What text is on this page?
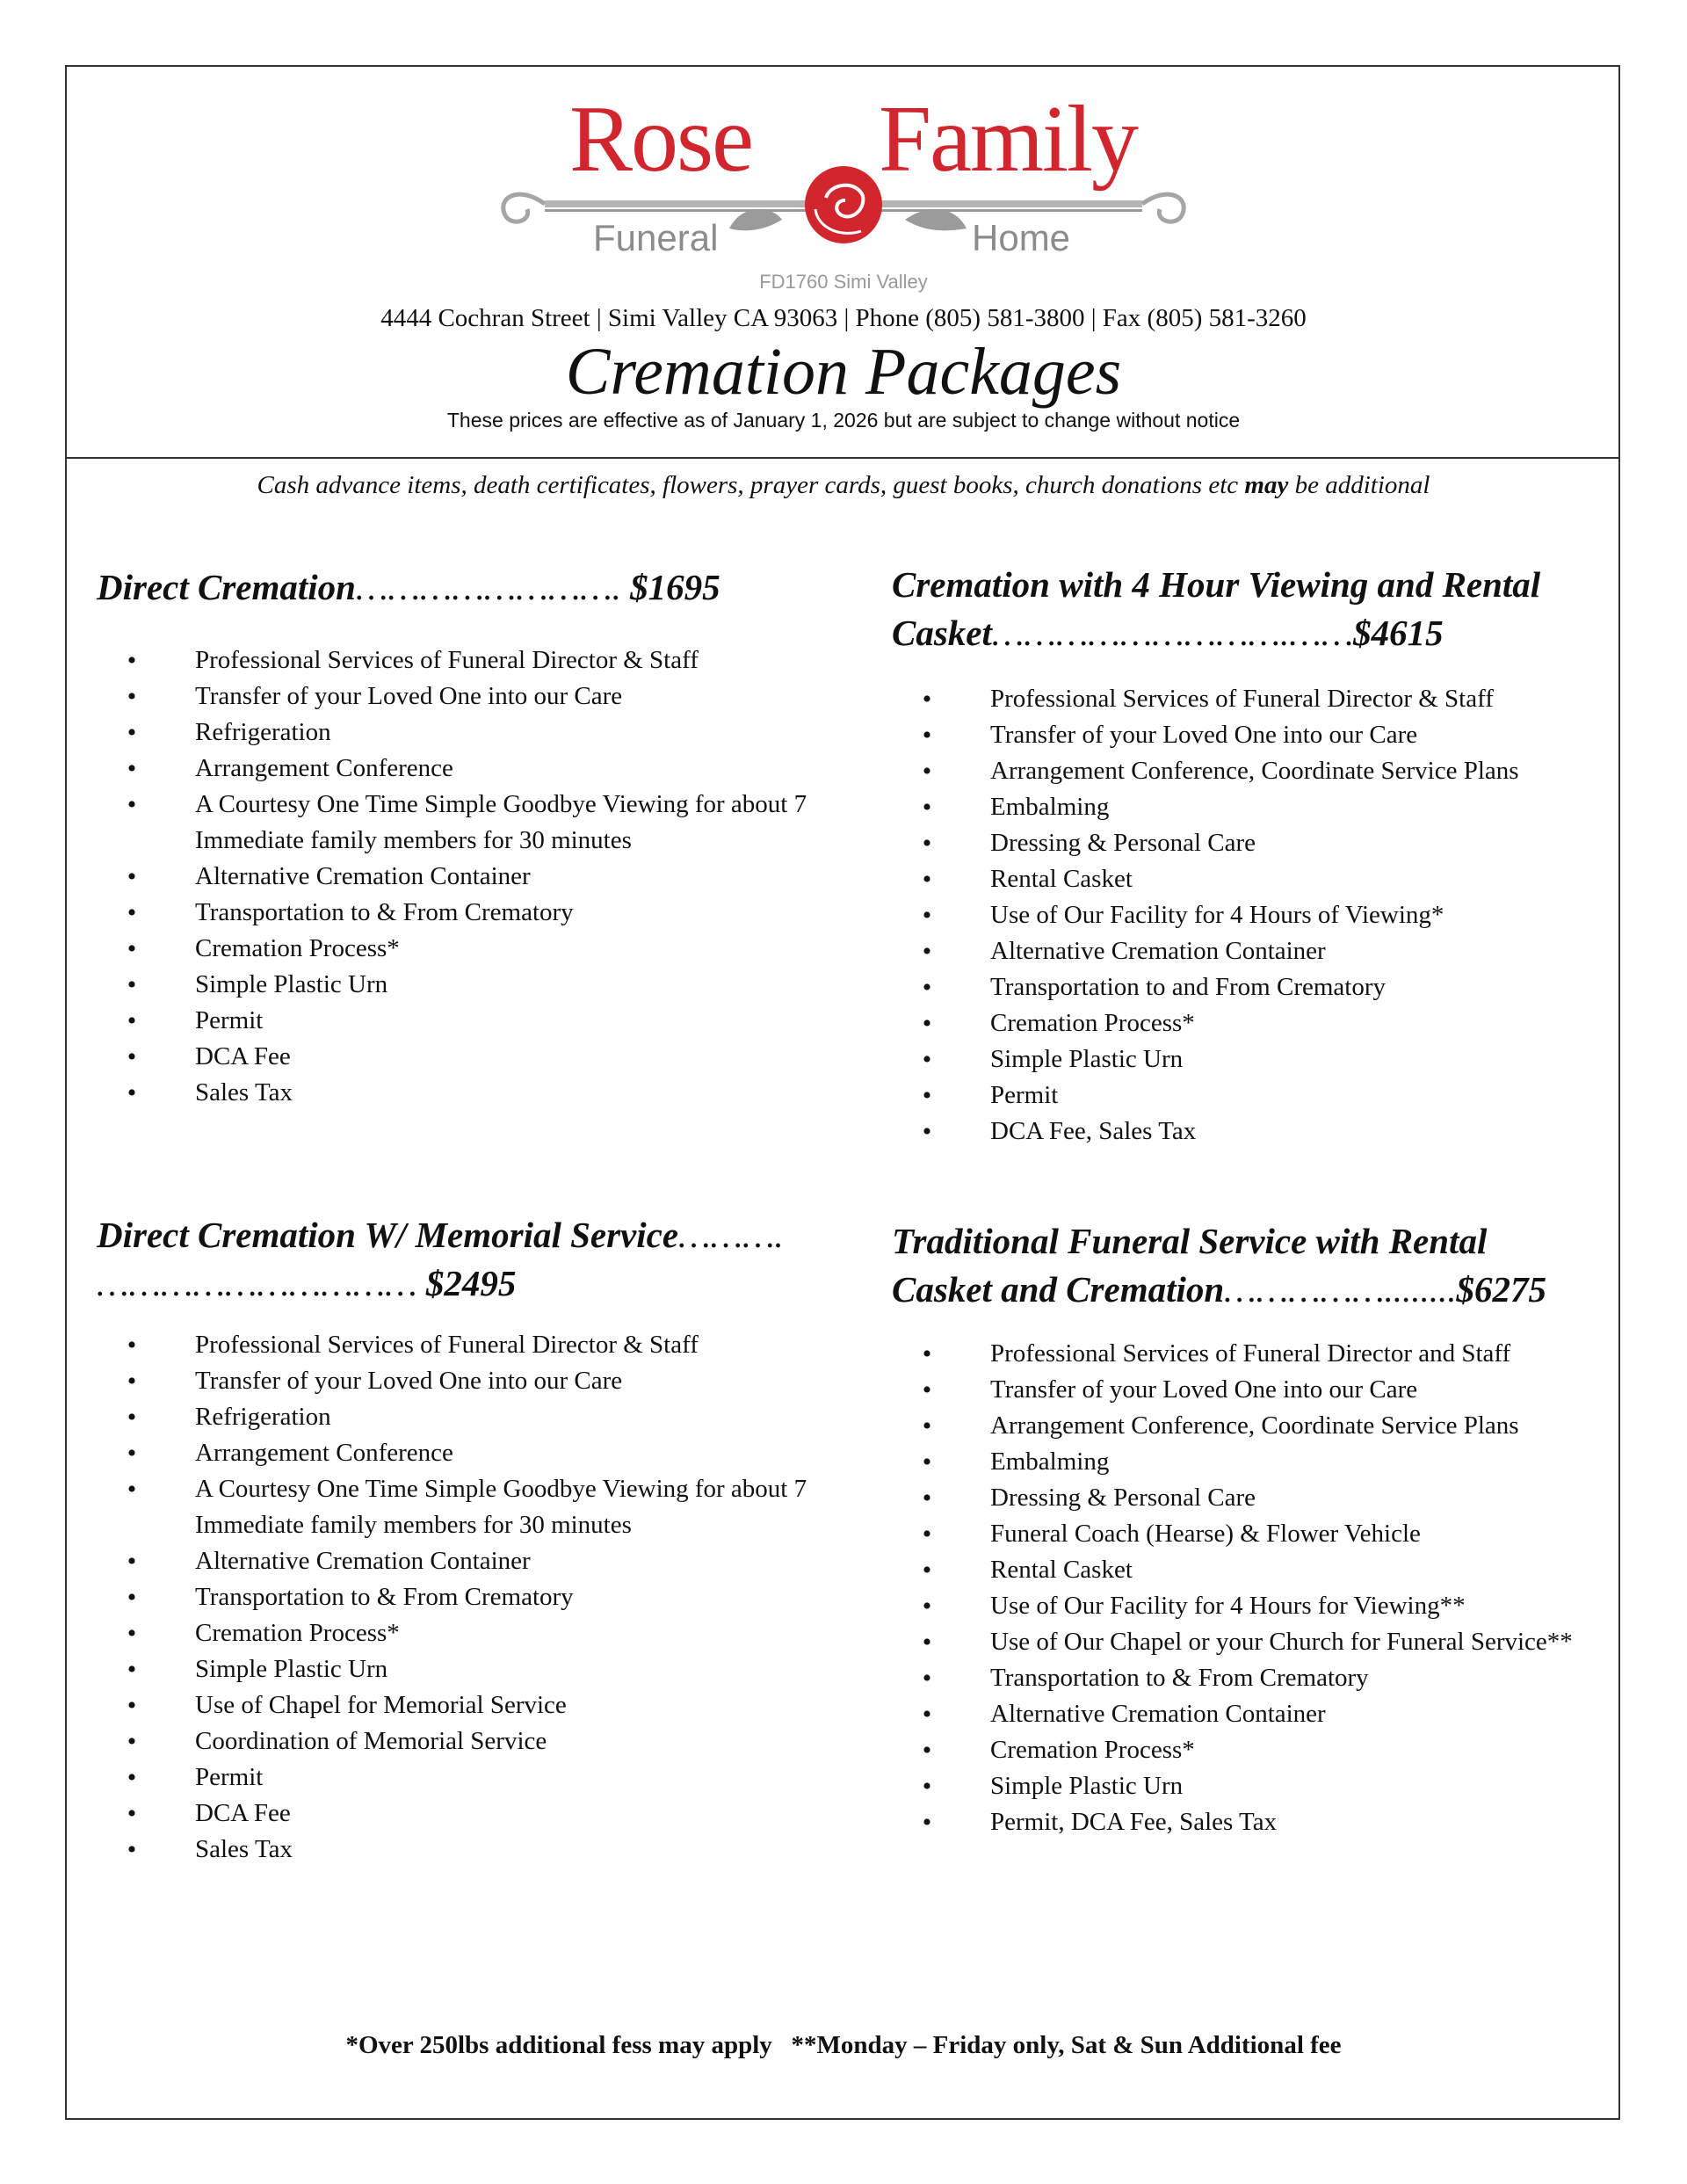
Rose Family
Funeral	Home
FD1760 Simi Valley
4444 Cochran Street | Simi Valley CA 93063 | Phone (805) 581-3800 | Fax (805) 581-3260
Cremation Packages
These prices are effective as of January 1, 2026 but are subject to change without notice
Cash advance items, death certificates, flowers, prayer cards, guest books, church donations etc may be additional
Direct Cremation……………………. $1695
• Professional Services of Funeral Director & Staff
• Transfer of your Loved One into our Care
• Refrigeration
• Arrangement Conference
• A Courtesy One Time Simple Goodbye Viewing for about 7 Immediate family members for 30 minutes
• Alternative Cremation Container
• Transportation to & From Crematory
• Cremation Process*
• Simple Plastic Urn
• Permit
• DCA Fee
• Sales Tax
Cremation with 4 Hour Viewing and Rental Casket……………………….……$4615
• Professional Services of Funeral Director & Staff
• Transfer of your Loved One into our Care
• Arrangement Conference, Coordinate Service Plans
• Embalming
• Dressing & Personal Care
• Rental Casket
• Use of Our Facility for 4 Hours of Viewing*
• Alternative Cremation Container
• Transportation to and From Crematory
• Cremation Process*
• Simple Plastic Urn
• Permit
• DCA Fee, Sales Tax
Direct Cremation W/ Memorial Service………. ………………………… $2495
• Professional Services of Funeral Director & Staff
• Transfer of your Loved One into our Care
• Refrigeration
• Arrangement Conference
• A Courtesy One Time Simple Goodbye Viewing for about 7 Immediate family members for 30 minutes
• Alternative Cremation Container
• Transportation to & From Crematory
• Cremation Process*
• Simple Plastic Urn
• Use of Chapel for Memorial Service
• Coordination of Memorial Service
• Permit
• DCA Fee
• Sales Tax
Traditional Funeral Service with Rental Casket and Cremation……………........$6275
• Professional Services of Funeral Director and Staff
• Transfer of your Loved One into our Care
• Arrangement Conference, Coordinate Service Plans
• Embalming
• Dressing & Personal Care
• Funeral Coach (Hearse) & Flower Vehicle
• Rental Casket
• Use of Our Facility for 4 Hours for Viewing**
• Use of Our Chapel or your Church for Funeral Service**
• Transportation to & From Crematory
• Alternative Cremation Container
• Cremation Process*
• Simple Plastic Urn
• Permit, DCA Fee, Sales Tax
*Over 250lbs additional fess may apply   **Monday – Friday only, Sat & Sun Additional fee
